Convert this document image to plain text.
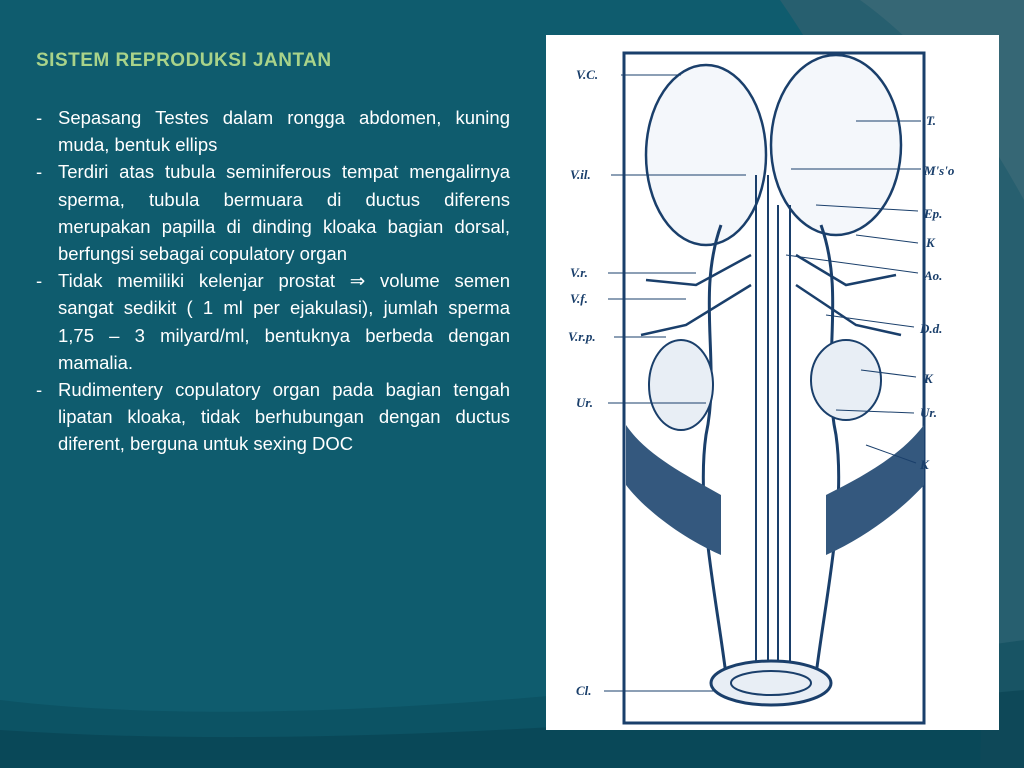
SISTEM REPRODUKSI JANTAN
- Sepasang Testes dalam rongga abdomen, kuning muda, bentuk ellips
- Terdiri atas tubula seminiferous tempat mengalirnya sperma, tubula bermuara di ductus diferens merupakan papilla di dinding kloaka bagian dorsal, berfungsi sebagai copulatory organ
- Tidak memiliki kelenjar prostat ⇒ volume semen sangat sedikit ( 1 ml per ejakulasi), jumlah sperma 1,75 – 3 milyard/ml, bentuknya berbeda dengan mamalia.
- Rudimentery copulatory organ pada bagian tengah lipatan kloaka, tidak berhubungan dengan ductus diferent, berguna untuk sexing DOC
V.C.
V.il.
V.r.
V.f.
V.r.p.
Ur.
Cl.
T.
M's'o
Ep.
K
Ao.
D.d.
K
Ur.
K
